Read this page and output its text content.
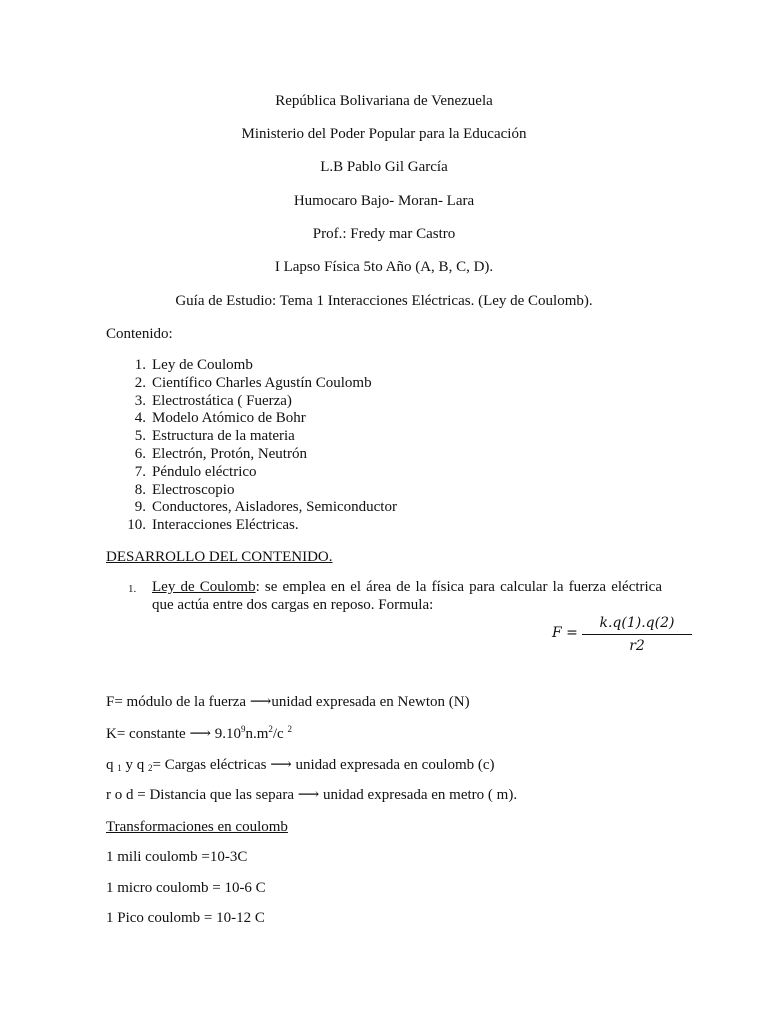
República Bolivariana de Venezuela
Ministerio del Poder Popular para la Educación
L.B Pablo Gil García
Humocaro Bajo- Moran- Lara
Prof.: Fredy mar Castro
I Lapso Física 5to Año (A, B, C, D).
Guía de Estudio: Tema 1 Interacciones Eléctricas. (Ley de Coulomb).
Contenido:
1. Ley de Coulomb
2. Científico Charles Agustín Coulomb
3. Electrostática ( Fuerza)
4. Modelo Atómico de Bohr
5. Estructura de la materia
6. Electrón, Protón, Neutrón
7. Péndulo eléctrico
8. Electroscopio
9. Conductores, Aisladores, Semiconductor
10. Interacciones Eléctricas.
DESARROLLO DEL CONTENIDO.
1. Ley de Coulomb: se emplea en el área de la física para calcular la fuerza eléctrica que actúa entre dos cargas en reposo. Formula:
$F = \frac{k.q(1).q(2)}{r2}$
F= módulo de la fuerza ⟶unidad expresada en Newton (N)
K= constante ⟶ $9.10^9n.m^2/c$ $^2$
q $_1$ y q $_2$= Cargas eléctricas ⟶ unidad expresada en coulomb (c)
r o d = Distancia que las separa ⟶ unidad expresada en metro ( m).
Transformaciones en coulomb
1 mili coulomb =10-3C
1 micro coulomb = 10-6 C
1 Pico coulomb = 10-12 C
